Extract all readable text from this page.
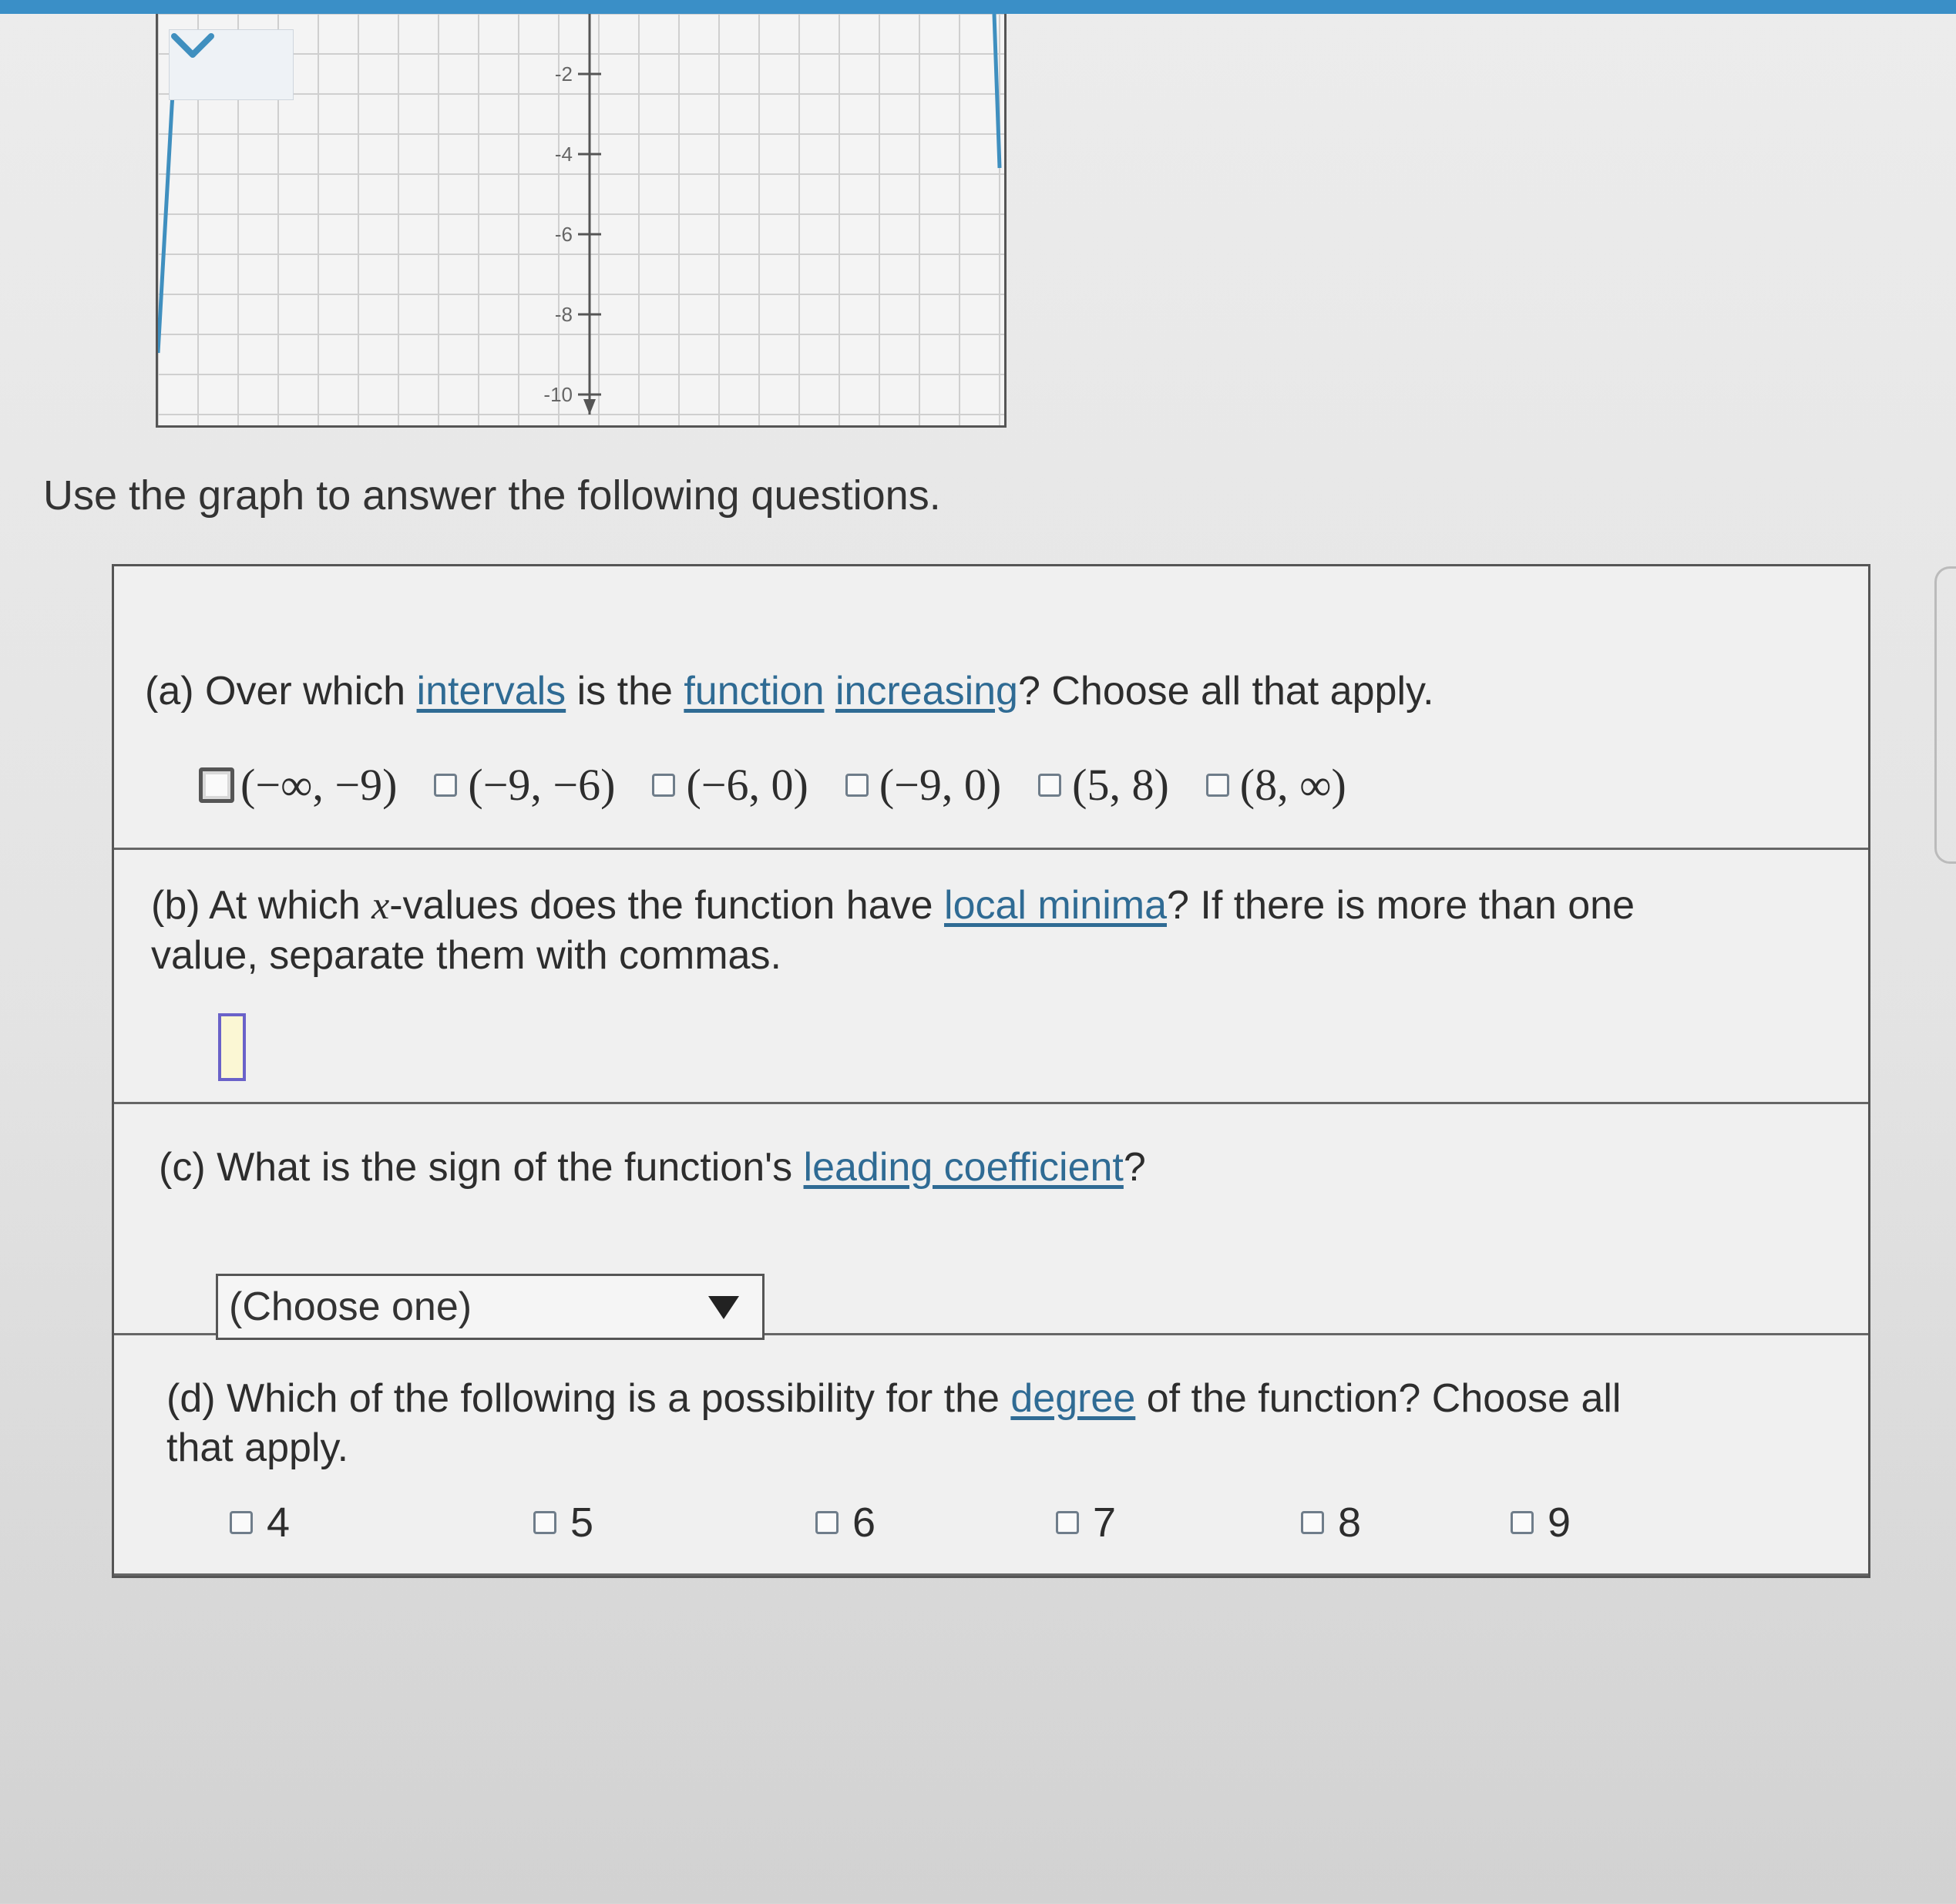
-2
-4
-6
-8
-10
Use the graph to answer the following questions.
(a) Over which intervals is the function increasing? Choose all that apply.
(−∞, −9) (−9, −6) (−6, 0) (−9, 0) (5, 8) (8, ∞)
(b) At which x-values does the function have local minima? If there is more than one
value, separate them with commas.
(c) What is the sign of the function's leading coefficient?
(d) Which of the following is a possibility for the degree of the function? Choose all
that apply.
(Choose one)
4	5	6	7	8	9
